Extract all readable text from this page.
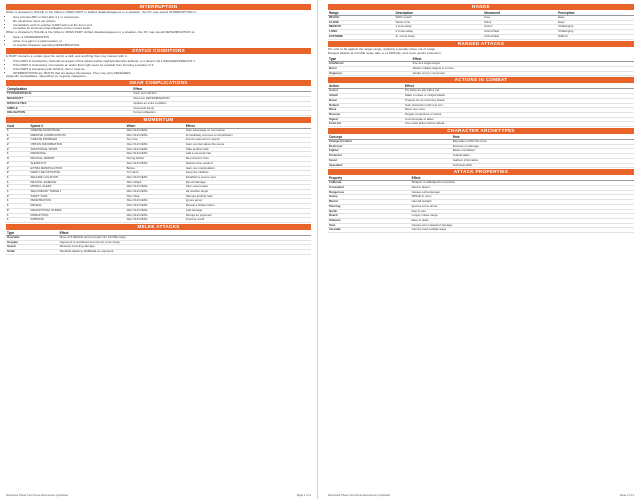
INTERRUPTION
When a character's HALVE or the hitbox's OPEN PART is shifted disadvantageous in a situation, the PC may spend INTERRUPTION to:
• Give a bonus (Bit'l or Fair) after a 1 or occurrence.
• Re-roll all dice (once per action).
• Immediately perform another HARD action at the turn's end.
• Complete an environmental obligation to the current stack.
When a character's HALVE is the hitbox's OPEN PART shifted disadvantageous in a situation, the PC may spend DETERMINATION to:
• Gets +1 DETERMINATION
• either on a gain in a pack location, or
• on another character spending DETERMINATION.
STATUS CONDITIONS
A PART interacts a certain goal the world, a skill, and anything that may interact with it.
• If the PART is Guarded by: Defends an aspect of this adventure/the mighty/indirect/an aptitude, or it doesn't tell it WEAKNESS/DEFICIT 1
• If the PART is Unknowing: Commands an action that might never be possible from knowing a location of it.
• If the PART is interacting with GOALS, then it must be.
• INTERRUPTIONS are TRAITS that are always themselves. They may carry DEFENSES.
Appendix consolidates, depending on in-game categories.
GEAR COMPLICATIONS
Complication	Effect
TYPOGRAPHICAL	Can't act until free
NECESSITY	Must use DETERMINATION
DIFFICULTIES	Applies an extra condition
SIMPLE	Succeeds freely
OBLIGATION	Forced obligation
MOMENTUM
Cost	Spend 3	When	Effect
1	CREATE ADVANTAGE	After SUCCESS	Gain advantage on next action
1	REMOVE COMPLICATION	After SUCCESS	Immediately removes a complication
2	CREATE PROBLEM	Any time	Forces opponent to spend
2	OBTAIN INFORMATION	After SUCCESS	Gain one fact about the scene
2	ADDITIONAL WORK	After SUCCESS	Take another task
1	PERSONAL	After SUCCESS	Add a personal trait
3	RE-ROLL ARMOR	During Attack	Re-roll armor dice
2	SHORTCUT	After SUCCESS	Reduce time needed
2	EXTRA MANIPULATION	Before	Gain one manipulation
2	KEEP THE INITIATIVE	Turn End	Keep the initiative
1	SECURE LOCATION	After SUCCESS	Establish a secure spot
1	RE-ROLL DAMAGE	After Attack	Re-roll damage
1	MODIFY ALERT	After SUCCESS	Alter current alert
1	SECONDARY TARGET	After SUCCESS	Hit another target
2	SWIFT TASK	After Task	Attempt another task
1	PENETRATION	After SUCCESS	Ignore armor
1	REVEAL	After SUCCESS	Reveal a hidden factor
2	DEVASTATING STRIKE	After SUCCESS	Add damage
1	DISRUPTION	After SUCCESS	Disrupt an opponent
1	IMPROVE	After SUCCESS	Improve result
MELEE ATTACKS
Type	Effect
Overtake	Move at 5 REACH and proceeds into CLOSE range.
Grapple	Opponent is restrained and cannot move freely.
Guard	Reduces incoming damage.
Strike	Standard attack to DAMAGE an opponent.
Reprinted Sheet from Dune Adventures Quickstart	Page 1 of 2
RANGE
Range	Description	Movement	Perception
REACH	Within reach	Free	Easy
CLOSE	Same zone	Minor	Easy
MEDIUM	1 zone away	Action	Challenging
LONG	2 zones away	Action/Task	Challenging
EXTREME	3+ zones away	Action/Task	Difficult
RANGED ATTACKS
PC rolls to hit against the target range, applying a penalty when out of range.
Ranged attacks at CLOSE range take a +1 Difficulty, and cover grants protection.
Type	Effect
Aim/Shoot	Fire at a single target.
Burst	Attack multiple targets in a zone.
Suppress	Hinder enemy movement.
ACTIONS IN COMBAT
Action	Effect
Assist	PC helps an ally with a roll.
Attack	Make a melee or ranged attack.
Brace	Prepare for an incoming attack.
Defend	Gain protection until next turn.
Move	Move one zone.
Recover	Regain composure or stress.
Signal	Communicate to allies.
Final Act	Use a last action before defeat.
CHARACTER ARCHETYPES
Concept	Role
Change Position	Reposition within the zone.
Destroyer	Focuses on damage.
Fighter	Melee combatant.
Protector	Guards allies.
Scout	Gathers information.
Specialist	Technical skills.
ATTACK PROPERTIES
Property	Effect
Calibrate	Weapon is calibrated for precision.
Concealed	Hard to detect.
Dangerous	Causes extra damage.
Heavy	Difficult to carry.
Mortal	Can kill outright.
Piercing	Ignores some armor.
Quick	Fast to use.
Reach	Longer melee range.
Sidearm	Easy to draw.
Stun	Causes stun instead of damage.
Versatile	Can be used multiple ways.
Reprinted Sheet from Dune Adventures Quickstart	Page 2 of 2
